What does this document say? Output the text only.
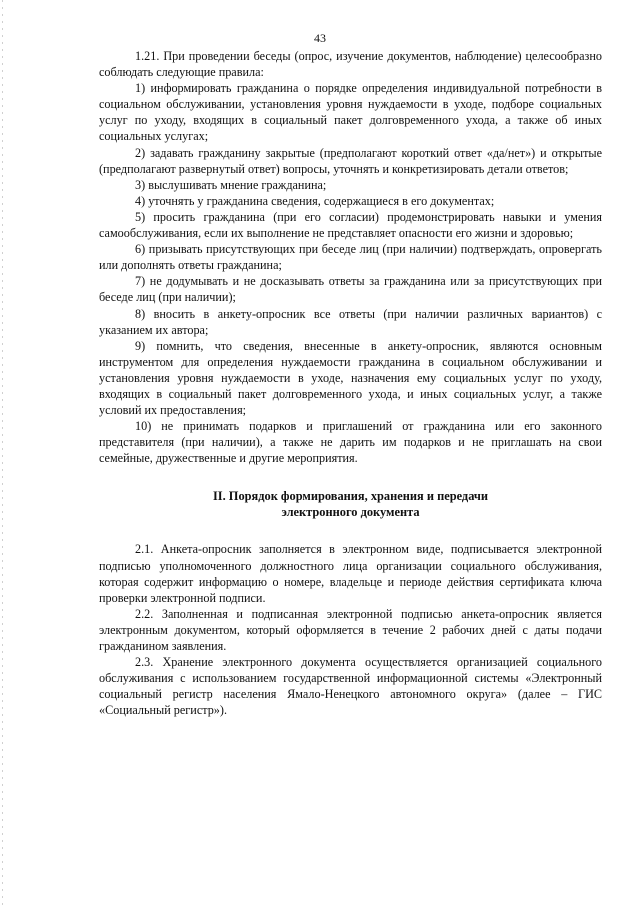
43

1.21. При проведении беседы (опрос, изучение документов, наблюдение) целесообразно соблюдать следующие правила:

1) информировать гражданина о порядке определения индивидуальной потребности в социальном обслуживании, установления уровня нуждаемости в уходе, подборе социальных услуг по уходу, входящих в социальный пакет долговременного ухода, а также об иных социальных услугах;

2) задавать гражданину закрытые (предполагают короткий ответ «да/нет») и открытые (предполагают развернутый ответ) вопросы, уточнять и конкретизировать детали ответов;

3) выслушивать мнение гражданина;

4) уточнять у гражданина сведения, содержащиеся в его документах;

5) просить гражданина (при его согласии) продемонстрировать навыки и умения самообслуживания, если их выполнение не представляет опасности его жизни и здоровью;

6) призывать присутствующих при беседе лиц (при наличии) подтверждать, опровергать или дополнять ответы гражданина;

7) не додумывать и не досказывать ответы за гражданина или за присутствующих при беседе лиц (при наличии);

8) вносить в анкету-опросник все ответы (при наличии различных вариантов) с указанием их автора;

9) помнить, что сведения, внесенные в анкету-опросник, являются основным инструментом для определения нуждаемости гражданина в социальном обслуживании и установления уровня нуждаемости в уходе, назначения ему социальных услуг по уходу, входящих в социальный пакет долговременного ухода, и иных социальных услуг, а также условий их предоставления;

10) не принимать подарков и приглашений от гражданина или его законного представителя (при наличии), а также не дарить им подарков и не приглашать на свои семейные, дружественные и другие мероприятия.

II. Порядок формирования, хранения и передачи
электронного документа

2.1. Анкета-опросник заполняется в электронном виде, подписывается электронной подписью уполномоченного должностного лица организации социального обслуживания, которая содержит информацию о номере, владельце и периоде действия сертификата ключа проверки электронной подписи.

2.2. Заполненная и подписанная электронной подписью анкета-опросник является электронным документом, который оформляется в течение 2 рабочих дней с даты подачи гражданином заявления.

2.3. Хранение электронного документа осуществляется организацией социального обслуживания с использованием государственной информационной системы «Электронный социальный регистр населения Ямало-Ненецкого автономного округа» (далее – ГИС «Социальный регистр»).
